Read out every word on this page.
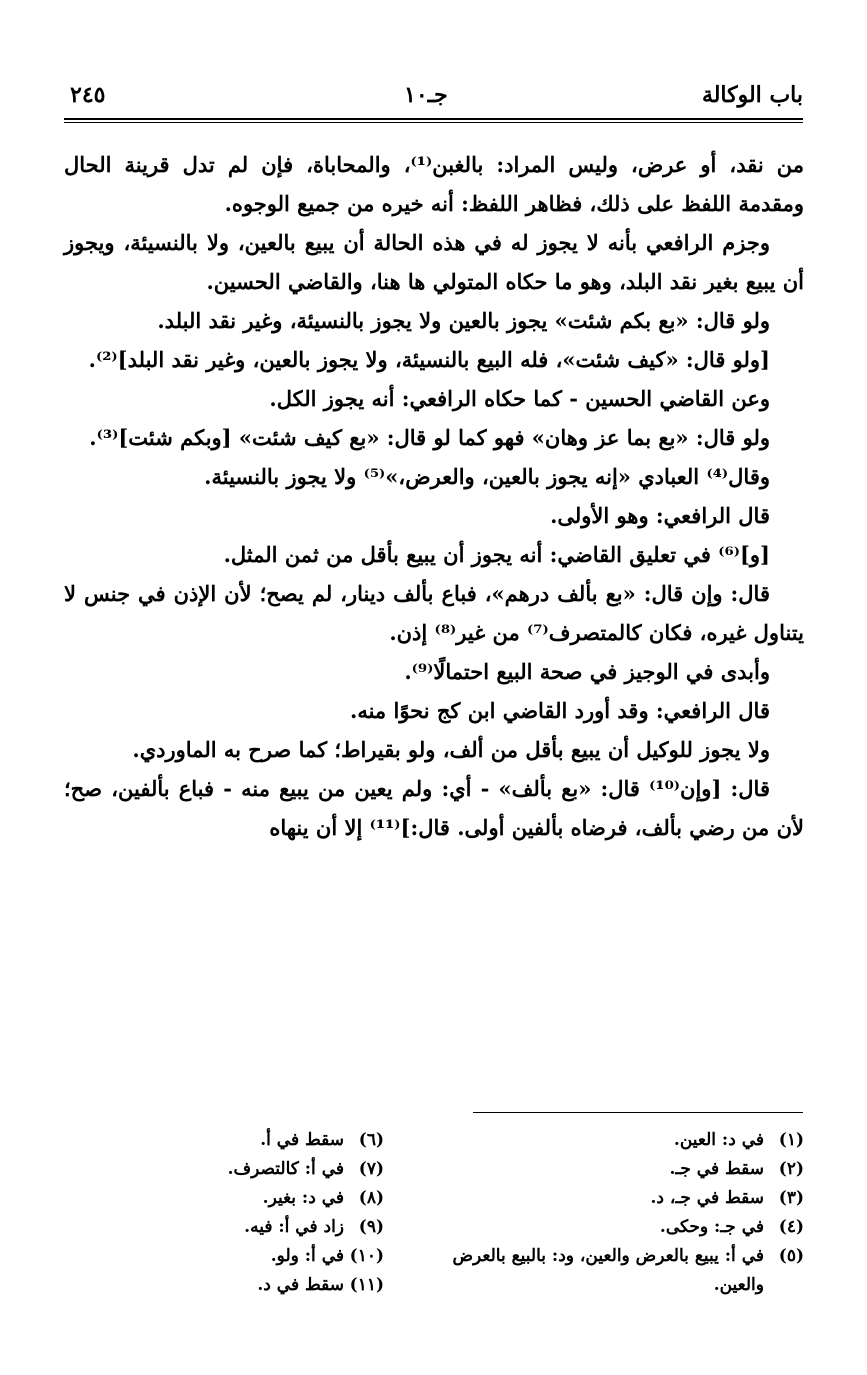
باب الوكالة
جـ١٠
٢٤٥

من نقد، أو عرض، وليس المراد: بالغبن⁽¹⁾، والمحاباة، فإن لم تدل قرينة الحال ومقدمة اللفظ على ذلك، فظاهر اللفظ: أنه خيره من جميع الوجوه.

وجزم الرافعي بأنه لا يجوز له في هذه الحالة أن يبيع بالعين، ولا بالنسيئة، ويجوز أن يبيع بغير نقد البلد، وهو ما حكاه المتولي ها هنا، والقاضي الحسين.

ولو قال: «بع بكم شئت» يجوز بالعين ولا يجوز بالنسيئة، وغير نقد البلد.

[ولو قال: «كيف شئت»، فله البيع بالنسيئة، ولا يجوز بالعين، وغير نقد البلد]⁽²⁾.

وعن القاضي الحسين - كما حكاه الرافعي: أنه يجوز الكل.

ولو قال: «بع بما عز وهان» فهو كما لو قال: «بع كيف شئت» [وبكم شئت]⁽³⁾.

وقال⁽⁴⁾ العبادي «إنه يجوز بالعين، والعرض،»⁽⁵⁾ ولا يجوز بالنسيئة.

قال الرافعي: وهو الأولى.

[و]⁽⁶⁾ في تعليق القاضي: أنه يجوز أن يبيع بأقل من ثمن المثل.

قال: وإن قال: «بع بألف درهم»، فباع بألف دينار، لم يصح؛ لأن الإذن في جنس لا يتناول غيره، فكان كالمتصرف⁽⁷⁾ من غير⁽⁸⁾ إذن.

وأبدى في الوجيز في صحة البيع احتمالًا⁽⁹⁾.

قال الرافعي: وقد أورد القاضي ابن كج نحوًا منه.

ولا يجوز للوكيل أن يبيع بأقل من ألف، ولو بقيراط؛ كما صرح به الماوردي.

قال: [وإن⁽¹⁰⁾ قال: «بع بألف» - أي: ولم يعين من يبيع منه - فباع بألفين، صح؛ لأن من رضي بألف، فرضاه بألفين أولى. قال:]⁽¹¹⁾ إلا أن ينهاه

(١)
في د: العين.
(٢)
سقط في جـ.
(٣)
سقط في جـ، د.
(٤)
في جـ: وحكى.
(٥)
في أ: يبيع بالعرض والعين، ود: بالبيع بالعرض والعين.
(٦)
سقط في أ.
(٧)
في أ: كالتصرف.
(٨)
في د: بغير.
(٩)
زاد في أ: فيه.
(١٠)
في أ: ولو.
(١١)
سقط في د.
